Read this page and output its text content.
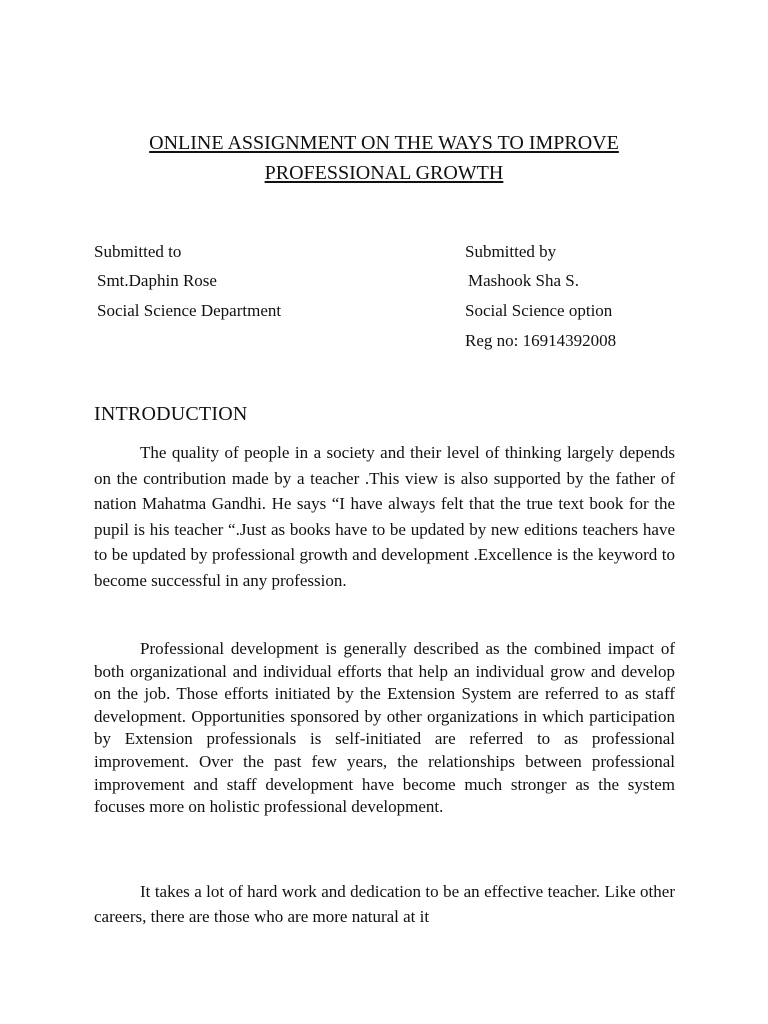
ONLINE ASSIGNMENT ON THE WAYS TO IMPROVE
PROFESSIONAL GROWTH
Submitted to
Smt.Daphin Rose
Social Science Department
Submitted by
Mashook Sha S.
Social Science option
Reg no: 16914392008
INTRODUCTION

The quality of people in a society and their level of thinking largely depends on the contribution made by a teacher .This view is also supported by the father of nation Mahatma Gandhi. He says “I have always felt that the true text book for the pupil is his teacher “.Just as books have to be updated by new editions teachers have to be updated by professional growth and development .Excellence is the keyword to become successful in any profession.

Professional development is generally described as the combined impact of both organizational and individual efforts that help an individual grow and develop on the job. Those efforts initiated by the Extension System are referred to as staff development. Opportunities sponsored by other organizations in which participation by Extension professionals is self-initiated are referred to as professional improvement. Over the past few years, the relationships between professional improvement and staff development have become much stronger as the system focuses more on holistic professional development.

It takes a lot of hard work and dedication to be an effective teacher. Like other careers, there are those who are more natural at it
